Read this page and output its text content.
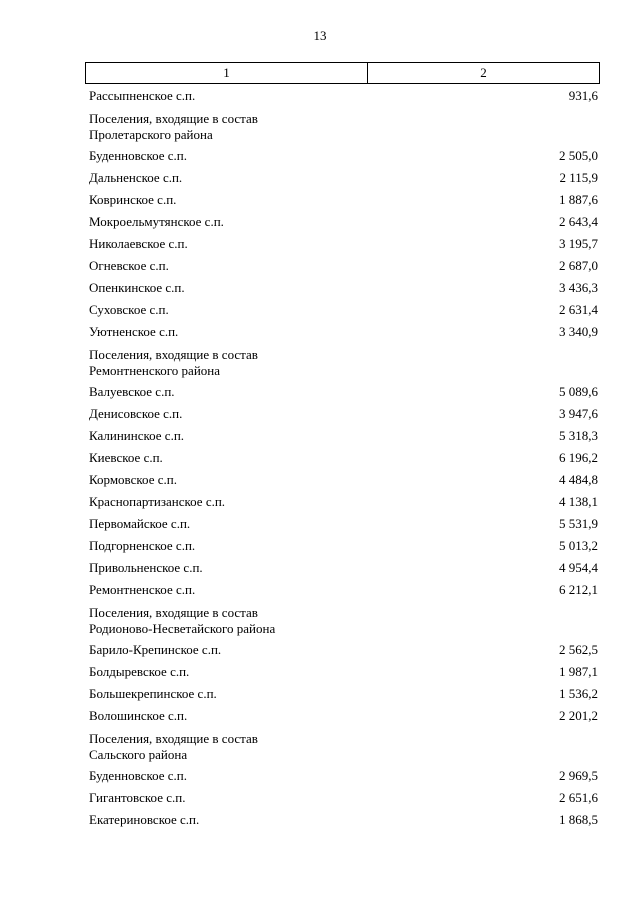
13
1	2
Рассыпненское с.п.	931,6
Поселения, входящие в состав
Пролетарского района
Буденновское с.п.	2 505,0
Дальненское с.п.	2 115,9
Ковринское с.п.	1 887,6
Мокроельмутянское с.п.	2 643,4
Николаевское с.п.	3 195,7
Огневское с.п.	2 687,0
Опенкинское с.п.	3 436,3
Суховское с.п.	2 631,4
Уютненское с.п.	3 340,9
Поселения, входящие в состав
Ремонтненского района
Валуевское с.п.	5 089,6
Денисовское с.п.	3 947,6
Калининское с.п.	5 318,3
Киевское с.п.	6 196,2
Кормовское с.п.	4 484,8
Краснопартизанское с.п.	4 138,1
Первомайское с.п.	5 531,9
Подгорненское с.п.	5 013,2
Привольненское с.п.	4 954,4
Ремонтненское с.п.	6 212,1
Поселения, входящие в состав
Родионово-Несветайского района
Барило-Крепинское с.п.	2 562,5
Болдыревское с.п.	1 987,1
Большекрепинское с.п.	1 536,2
Волошинское с.п.	2 201,2
Поселения, входящие в состав
Сальского района
Буденновское с.п.	2 969,5
Гигантовское с.п.	2 651,6
Екатериновское с.п.	1 868,5
